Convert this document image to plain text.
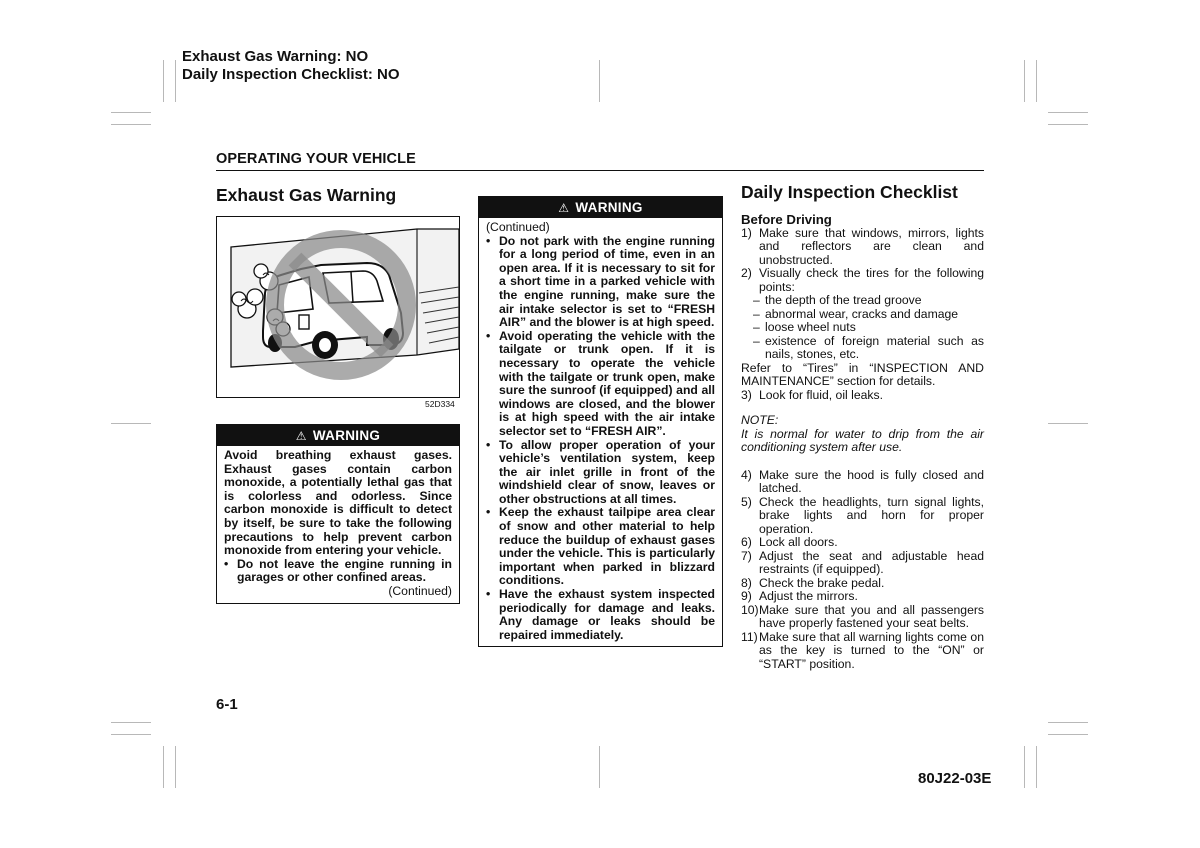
Exhaust Gas Warning: NO
Daily Inspection Checklist: NO
OPERATING YOUR VEHICLE
Exhaust Gas Warning
52D334
⚠ WARNING
Avoid breathing exhaust gases. Exhaust gases contain carbon monoxide, a potentially lethal gas that is colorless and odorless. Since carbon monoxide is difficult to detect by itself, be sure to take the following precautions to help prevent carbon monoxide from entering your vehicle.
• Do not leave the engine running in garages or other confined areas.
(Continued)
⚠ WARNING
(Continued)
• Do not park with the engine running for a long period of time, even in an open area. If it is necessary to sit for a short time in a parked vehicle with the engine running, make sure the air intake selector is set to “FRESH AIR” and the blower is at high speed.
• Avoid operating the vehicle with the tailgate or trunk open. If it is necessary to operate the vehicle with the tailgate or trunk open, make sure the sunroof (if equipped) and all windows are closed, and the blower is at high speed with the air intake selector set to “FRESH AIR”.
• To allow proper operation of your vehicle’s ventilation system, keep the air inlet grille in front of the windshield clear of snow, leaves or other obstructions at all times.
• Keep the exhaust tailpipe area clear of snow and other material to help reduce the buildup of exhaust gases under the vehicle. This is particularly important when parked in blizzard conditions.
• Have the exhaust system inspected periodically for damage and leaks. Any damage or leaks should be repaired immediately.
Daily Inspection Checklist
Before Driving
1) Make sure that windows, mirrors, lights and reflectors are clean and unobstructed.
2) Visually check the tires for the following points:
– the depth of the tread groove
– abnormal wear, cracks and damage
– loose wheel nuts
– existence of foreign material such as nails, stones, etc.
Refer to “Tires” in “INSPECTION AND MAINTENANCE” section for details.
3) Look for fluid, oil leaks.
NOTE:
It is normal for water to drip from the air conditioning system after use.
4) Make sure the hood is fully closed and latched.
5) Check the headlights, turn signal lights, brake lights and horn for proper operation.
6) Lock all doors.
7) Adjust the seat and adjustable head restraints (if equipped).
8) Check the brake pedal.
9) Adjust the mirrors.
10) Make sure that you and all passengers have properly fastened your seat belts.
11) Make sure that all warning lights come on as the key is turned to the “ON” or “START” position.
6-1
80J22-03E
